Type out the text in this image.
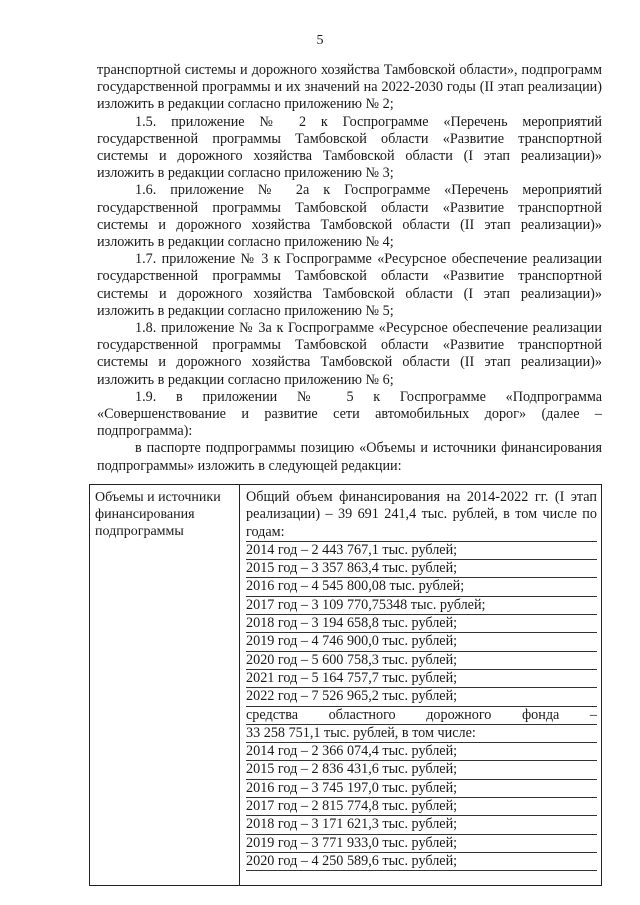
5

транспортной системы и дорожного хозяйства Тамбовской области», подпрограмм государственной программы и их значений на 2022-2030 годы (II этап реализации) изложить в редакции согласно приложению № 2;

1.5. приложение № 2 к Госпрограмме «Перечень мероприятий государственной программы Тамбовской области «Развитие транспортной системы и дорожного хозяйства Тамбовской области (I этап реализации)» изложить в редакции согласно приложению № 3;

1.6. приложение № 2а к Госпрограмме «Перечень мероприятий государственной программы Тамбовской области «Развитие транспортной системы и дорожного хозяйства Тамбовской области (II этап реализации)» изложить в редакции согласно приложению № 4;

1.7. приложение № 3 к Госпрограмме «Ресурсное обеспечение реализации государственной программы Тамбовской области «Развитие транспортной системы и дорожного хозяйства Тамбовской области (I этап реализации)» изложить в редакции согласно приложению № 5;

1.8. приложение № 3а к Госпрограмме «Ресурсное обеспечение реализации государственной программы Тамбовской области «Развитие транспортной системы и дорожного хозяйства Тамбовской области (II этап реализации)» изложить в редакции согласно приложению № 6;

1.9. в приложении № 5 к Госпрограмме «Подпрограмма «Совершенствование и развитие сети автомобильных дорог» (далее – подпрограмма):

в паспорте подпрограммы позицию «Объемы и источники финансирования подпрограммы» изложить в следующей редакции:

Объемы и источники финансирования подпрограммы
Общий объем финансирования на 2014-2022 гг. (I этап реализации) – 39 691 241,4 тыс. рублей, в том числе по годам:
2014 год – 2 443 767,1 тыс. рублей;
2015 год – 3 357 863,4 тыс. рублей;
2016 год – 4 545 800,08 тыс. рублей;
2017 год – 3 109 770,75348 тыс. рублей;
2018 год – 3 194 658,8 тыс. рублей;
2019 год – 4 746 900,0 тыс. рублей;
2020 год – 5 600 758,3 тыс. рублей;
2021 год – 5 164 757,7 тыс. рублей;
2022 год – 7 526 965,2 тыс. рублей;
средства областного дорожного фонда –
33 258 751,1 тыс. рублей, в том числе:
2014 год – 2 366 074,4 тыс. рублей;
2015 год – 2 836 431,6 тыс. рублей;
2016 год – 3 745 197,0 тыс. рублей;
2017 год – 2 815 774,8 тыс. рублей;
2018 год – 3 171 621,3 тыс. рублей;
2019 год – 3 771 933,0 тыс. рублей;
2020 год – 4 250 589,6 тыс. рублей;
